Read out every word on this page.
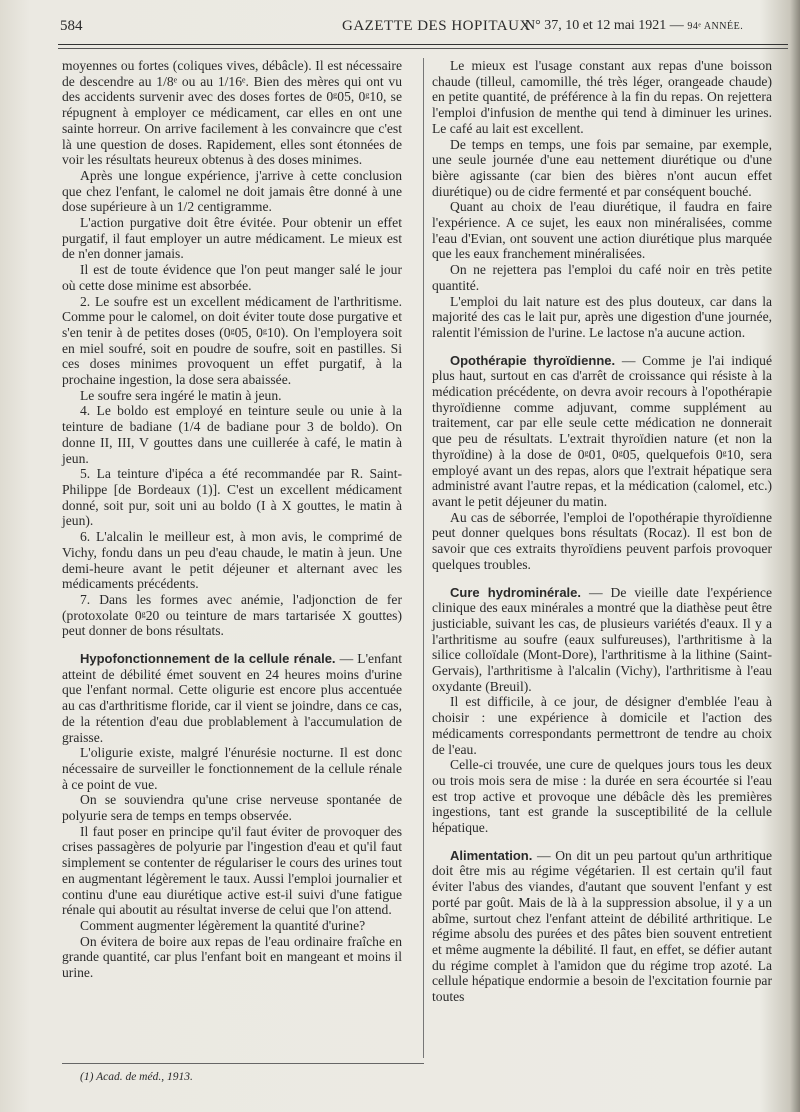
584	GAZETTE DES HOPITAUX
N° 37, 10 et 12 mai 1921 — 94ᵉ ANNÉE.

moyennes ou fortes (coliques vives, débâcle). Il est nécessaire de descendre au 1/8ᵉ ou au 1/16ᵉ. Bien des mères qui ont vu des accidents survenir avec des doses fortes de 0ᵍ05, 0ᵍ10, se répugnent à employer ce médicament, car elles en ont une sainte horreur. On arrive facilement à les convaincre que c'est là une question de doses. Rapidement, elles sont étonnées de voir les résultats heureux obtenus à des doses minimes.

Après une longue expérience, j'arrive à cette conclusion que chez l'enfant, le calomel ne doit jamais être donné à une dose supérieure à un 1/2 centigramme.

L'action purgative doit être évitée. Pour obtenir un effet purgatif, il faut employer un autre médicament. Le mieux est de n'en donner jamais.

Il est de toute évidence que l'on peut manger salé le jour où cette dose minime est absorbée.

2. Le soufre est un excellent médicament de l'arthritisme. Comme pour le calomel, on doit éviter toute dose purgative et s'en tenir à de petites doses (0ᵍ05, 0ᵍ10). On l'employera soit en miel soufré, soit en poudre de soufre, soit en pastilles. Si ces doses minimes provoquent un effet purgatif, à la prochaine ingestion, la dose sera abaissée.

Le soufre sera ingéré le matin à jeun.

4. Le boldo est employé en teinture seule ou unie à la teinture de badiane (1/4 de badiane pour 3 de boldo). On donne II, III, V gouttes dans une cuillerée à café, le matin à jeun.

5. La teinture d'ipéca a été recommandée par R. Saint-Philippe [de Bordeaux (1)]. C'est un excellent médicament donné, soit pur, soit uni au boldo (I à X gouttes, le matin à jeun).

6. L'alcalin le meilleur est, à mon avis, le comprimé de Vichy, fondu dans un peu d'eau chaude, le matin à jeun. Une demi-heure avant le petit déjeuner et alternant avec les médicaments précédents.

7. Dans les formes avec anémie, l'adjonction de fer (protoxolate 0ᵍ20 ou teinture de mars tartarisée X gouttes) peut donner de bons résultats.

Hypofonctionnement de la cellule rénale. — L'enfant atteint de débilité émet souvent en 24 heures moins d'urine que l'enfant normal. Cette oligurie est encore plus accentuée au cas d'arthritisme floride, car il vient se joindre, dans ce cas, de la rétention d'eau due problablement à l'accumulation de graisse.

L'oligurie existe, malgré l'énurésie nocturne. Il est donc nécessaire de surveiller le fonctionnement de la cellule rénale à ce point de vue.

On se souviendra qu'une crise nerveuse spontanée de polyurie sera de temps en temps observée.

Il faut poser en principe qu'il faut éviter de provoquer des crises passagères de polyurie par l'ingestion d'eau et qu'il faut simplement se contenter de régulariser le cours des urines tout en augmentant légèrement le taux. Aussi l'emploi journalier et continu d'une eau diurétique active est-il suivi d'une fatigue rénale qui aboutit au résultat inverse de celui que l'on attend.

Comment augmenter légèrement la quantité d'urine?

On évitera de boire aux repas de l'eau ordinaire fraîche en grande quantité, car plus l'enfant boit en mangeant et moins il urine.

Le mieux est l'usage constant aux repas d'une boisson chaude (tilleul, camomille, thé très léger, orangeade chaude) en petite quantité, de préférence à la fin du repas. On rejettera l'emploi d'infusion de menthe qui tend à diminuer les urines. Le café au lait est excellent.

De temps en temps, une fois par semaine, par exemple, une seule journée d'une eau nettement diurétique ou d'une bière agissante (car bien des bières n'ont aucun effet diurétique) ou de cidre fermenté et par conséquent bouché.

Quant au choix de l'eau diurétique, il faudra en faire l'expérience. A ce sujet, les eaux non minéralisées, comme l'eau d'Evian, ont souvent une action diurétique plus marquée que les eaux franchement minéralisées.

On ne rejettera pas l'emploi du café noir en très petite quantité.

L'emploi du lait nature est des plus douteux, car dans la majorité des cas le lait pur, après une digestion d'une journée, ralentit l'émission de l'urine. Le lactose n'a aucune action.

Opothérapie thyroïdienne. — Comme je l'ai indiqué plus haut, surtout en cas d'arrêt de croissance qui résiste à la médication précédente, on devra avoir recours à l'opothérapie thyroïdienne comme adjuvant, comme supplément au traitement, car par elle seule cette médication ne donnerait que peu de résultats. L'extrait thyroïdien nature (et non la thyroïdine) à la dose de 0ᵍ01, 0ᵍ05, quelquefois 0ᵍ10, sera employé avant un des repas, alors que l'extrait hépatique sera administré avant l'autre repas, et la médication (calomel, etc.) avant le petit déjeuner du matin.

Au cas de séborrée, l'emploi de l'opothérapie thyroïdienne peut donner quelques bons résultats (Rocaz). Il est bon de savoir que ces extraits thyroïdiens peuvent parfois provoquer quelques troubles.

Cure hydrominérale. — De vieille date l'expérience clinique des eaux minérales a montré que la diathèse peut être justiciable, suivant les cas, de plusieurs variétés d'eaux. Il y a l'arthritisme au soufre (eaux sulfureuses), l'arthritisme à la silice colloïdale (Mont-Dore), l'arthritisme à la lithine (Saint-Gervais), l'arthritisme à l'alcalin (Vichy), l'arthritisme à l'eau oxydante (Breuil).

Il est difficile, à ce jour, de désigner d'emblée l'eau à choisir : une expérience à domicile et l'action des médicaments correspondants permettront de tendre au choix de l'eau.

Celle-ci trouvée, une cure de quelques jours tous les deux ou trois mois sera de mise : la durée en sera écourtée si l'eau est trop active et provoque une débâcle dès les premières ingestions, tant est grande la susceptibilité de la cellule hépatique.

Alimentation. — On dit un peu partout qu'un arthritique doit être mis au régime végétarien. Il est certain qu'il faut éviter l'abus des viandes, d'autant que souvent l'enfant y est porté par goût. Mais de là à la suppression absolue, il y a un abîme, surtout chez l'enfant atteint de débilité arthritique. Le régime absolu des purées et des pâtes bien souvent entretient et même augmente la débilité. Il faut, en effet, se défier autant du régime complet à l'amidon que du régime trop azoté. La cellule hépatique endormie a besoin de l'excitation fournie par toutes

(1) Acad. de méd., 1913.
